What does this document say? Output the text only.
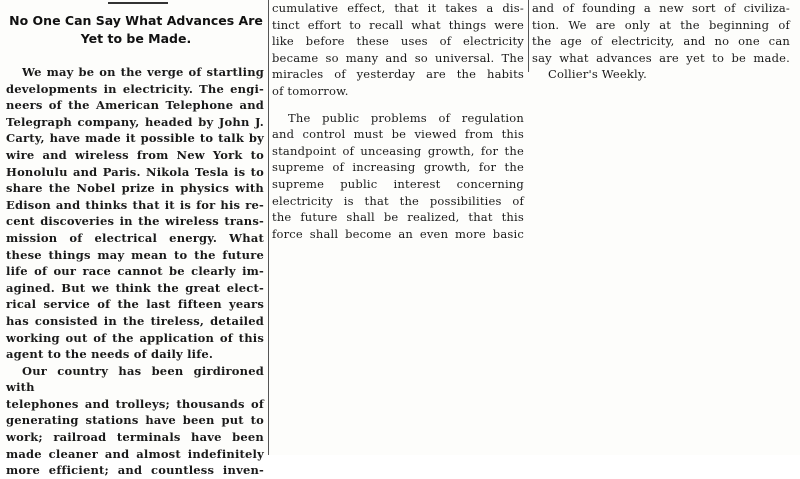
No One Can Say What Advances Are
Yet to be Made.

We may be on the verge of startling

developments in electricity. The engi-

neers of the American Telephone and

Telegraph company, headed by John J.

Carty, have made it possible to talk by

wire and wireless from New York to

Honolulu and Paris. Nikola Tesla is to

share the Nobel prize in physics with

Edison and thinks that it is for his re-

cent discoveries in the wireless trans-

mission of electrical energy. What

these things may mean to the future

life of our race cannot be clearly im-

agined. But we think the great elect-

rical service of the last fifteen years

has consisted in the tireless, detailed

working out of the application of this

agent to the needs of daily life.

Our country has been girdironed with

telephones and trolleys; thousands of

generating stations have been put to

work; railroad terminals have been

made cleaner and almost indefinitely

more efficient; and countless inven-

cumulative effect, that it takes a dis-

tinct effort to recall what things were

like before these uses of electricity

became so many and so universal. The

miracles of yesterday are the habits

of tomorrow.

The public problems of regulation

and control must be viewed from this

standpoint of unceasing growth, for the

supreme of increasing growth, for the

supreme public interest concerning

electricity is that the possibilities of

the future shall be realized, that this

force shall become an even more basic

and of founding a new sort of civiliza-

tion. We are only at the beginning of

the age of electricity, and no one can

say what advances are yet to be made.

Collier's Weekly.
